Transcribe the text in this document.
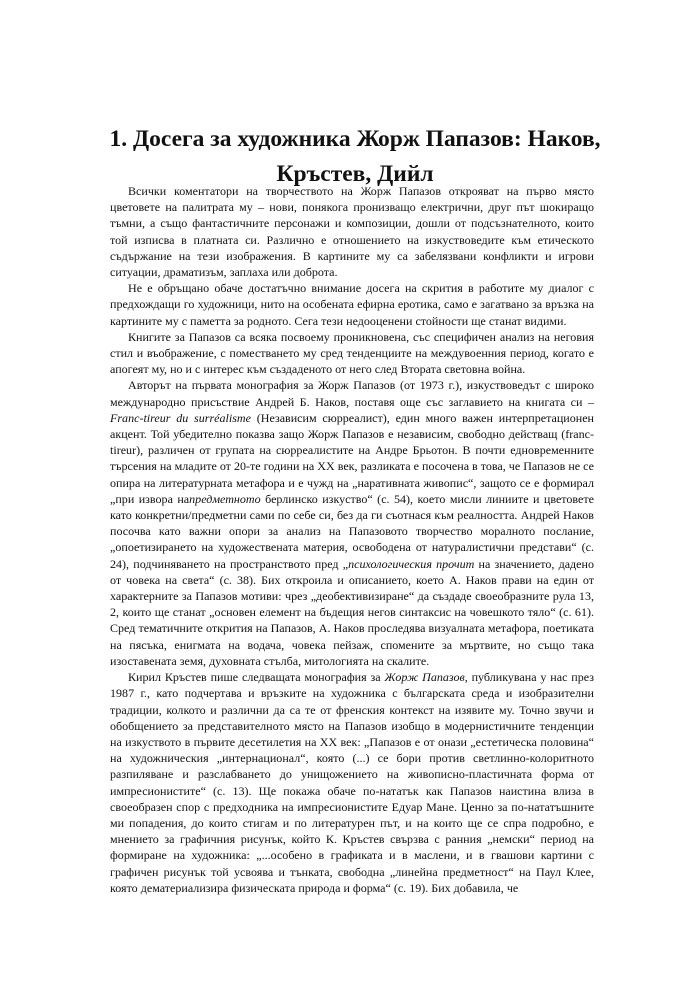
1. Досега за художника Жорж Папазов: Наков, Кръстев, Дийл

Всички коментатори на творчеството на Жорж Папазов открояват на първо място цветовете на палитрата му – нови, понякога пронизващо електрични, друг път шокиращо тъмни, а също фантастичните персонажи и композиции, дошли от подсъзнателното, които той изписва в платната си. Различно е отношението на изкуствоведите към етическото съдържание на тези изображения. В картините му са забелязвани конфликти и игрови ситуации, драматизъм, заплаха или доброта.

Не е обръщано обаче достатъчно внимание досега на скрития в работите му диалог с предхождащи го художници, нито на особената ефирна еротика, само е загатвано за връзка на картините му с паметта за родното. Сега тези недооценени стойности ще станат видими.

Книгите за Папазов са всяка посвоему проникновена, със специфичен анализ на неговия стил и въображение, с поместването му сред тенденциите на междувоенния период, когато е апогеят му, но и с интерес към създаденото от него след Втората световна война.

Авторът на първата монография за Жорж Папазов (от 1973 г.), изкуствоведът с широко международно присъствие Андрей Б. Наков, поставя още със заглавието на книгата си – Franc-tireur du surréalisme (Независим сюрреалист), един много важен интерпретационен акцент. Той убедително показва защо Жорж Папазов е независим, свободно действащ (franc-tireur), различен от групата на сюрреалистите на Андре Брьотон. В почти едновременните търсения на младите от 20-те години на ХХ век, разликата е посочена в това, че Папазов не се опира на литературната метафора и е чужд на „наративната живопис“, защото се е формирал „при извора напредметното берлинско изкуство“ (с. 54), което мисли линиите и цветовете като конкретни/предметни сами по себе си, без да ги съотнася към реалността. Андрей Наков посочва като важни опори за анализ на Папазовото творчество моралното послание, „опоетизирането на художествената материя, освободена от натуралистични представи“ (с. 24), подчиняването на пространството пред „психологическия прочит на значението, дадено от човека на света“ (с. 38). Бих откроила и описанието, което А. Наков прави на един от характерните за Папазов мотиви: чрез „деобективизиране“ да създаде своеобразните рула 13, 2, които ще станат „основен елемент на бъдещия негов синтаксис на човешкото тяло“ (с. 61). Сред тематичните открития на Папазов, А. Наков проследява визуалната метафора, поетиката на пясъка, енигмата на водача, човека пейзаж, спомените за мъртвите, но също така изоставената земя, духовната стълба, митологията на скалите.

Кирил Кръстев пише следващата монография за Жорж Папазов, публикувана у нас през 1987 г., като подчертава и връзките на художника с българската среда и изобразителни традиции, колкото и различни да са те от френския контекст на изявите му. Точно звучи и обобщението за представителното място на Папазов изобщо в модернистичните тенденции на изкуството в първите десетилетия на ХХ век: „Папазов е от онази „естетическа половина“ на художническия „интернационал“, която (...) се бори против светлинно-колоритното разпиляване и разслабването до унищожението на живописно-пластичната форма от импресионистите“ (с. 13). Ще покажа обаче по-нататък как Папазов наистина влиза в своеобразен спор с предходника на импресионистите Едуар Мане. Ценно за по-нататъшните ми попадения, до които стигам и по литературен път, и на които ще се спра подробно, е мнението за графичния рисунък, който К. Кръстев свързва с ранния „немски“ период на формиране на художника: „...особено в графиката и в маслени, и в гвашови картини с графичен рисунък той усвоява и тънката, свободна „линейна предметност“ на Паул Клее, която дематериализира физическата природа и форма“ (с. 19). Бих добавила, че
